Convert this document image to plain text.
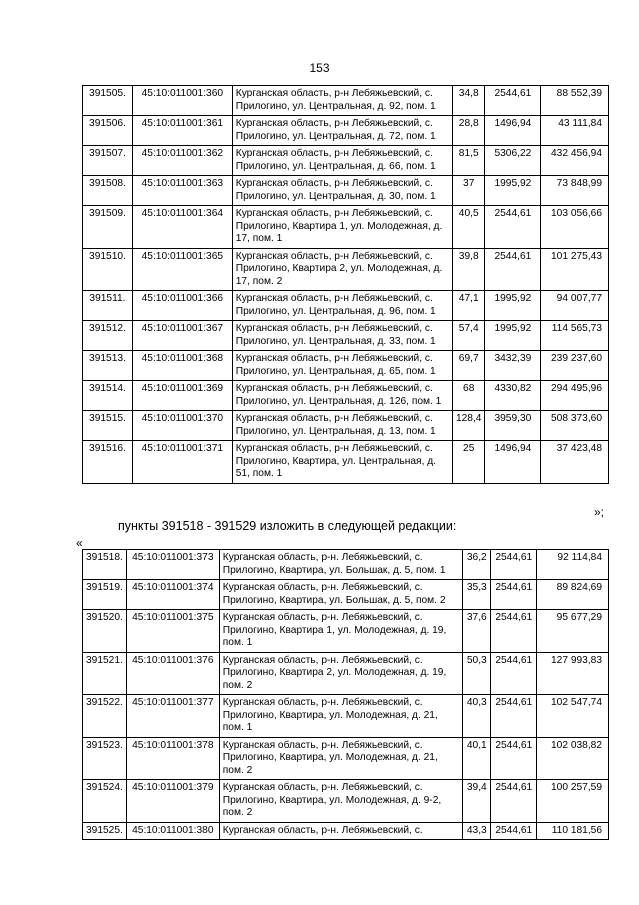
153
391505.	45:10:011001:360	Курганская область, р-н Лебяжьевский, с. Прилогино, ул. Центральная, д. 92, пом. 1	34,8	2544,61	88 552,39
391506.	45:10:011001:361	Курганская область, р-н Лебяжьевский, с. Прилогино, ул. Центральная, д. 72, пом. 1	28,8	1496,94	43 111,84
391507.	45:10:011001:362	Курганская область, р-н Лебяжьевский, с. Прилогино, ул. Центральная, д. 66, пом. 1	81,5	5306,22	432 456,94
391508.	45:10:011001:363	Курганская область, р-н Лебяжьевский, с. Прилогино, ул. Центральная, д. 30, пом. 1	37	1995,92	73 848,99
391509.	45:10:011001:364	Курганская область, р-н Лебяжьевский, с. Прилогино, Квартира 1, ул. Молодежная, д. 17, пом. 1	40,5	2544,61	103 056,66
391510.	45:10:011001:365	Курганская область, р-н Лебяжьевский, с. Прилогино, Квартира 2, ул. Молодежная, д. 17, пом. 2	39,8	2544,61	101 275,43
391511.	45:10:011001:366	Курганская область, р-н Лебяжьевский, с. Прилогино, ул. Центральная, д. 96, пом. 1	47,1	1995,92	94 007,77
391512.	45:10:011001:367	Курганская область, р-н Лебяжьевский, с. Прилогино, ул. Центральная, д. 33, пом. 1	57,4	1995,92	114 565,73
391513.	45:10:011001:368	Курганская область, р-н Лебяжьевский, с. Прилогино, ул. Центральная, д. 65, пом. 1	69,7	3432,39	239 237,60
391514.	45:10:011001:369	Курганская область, р-н Лебяжьевский, с. Прилогино, ул. Центральная, д. 126, пом. 1	68	4330,82	294 495,96
391515.	45:10:011001:370	Курганская область, р-н Лебяжьевский, с. Прилогино, ул. Центральная, д. 13, пом. 1	128,4	3959,30	508 373,60
391516.	45:10:011001:371	Курганская область, р-н Лебяжьевский, с. Прилогино, Квартира, ул. Центральная, д. 51, пом. 1	25	1496,94	37 423,48
»;
пункты 391518 - 391529 изложить в следующей редакции:
«
391518.	45:10:011001:373	Курганская область, р-н. Лебяжьевский, с. Прилогино, Квартира, ул. Большак, д. 5, пом. 1	36,2	2544,61	92 114,84
391519.	45:10:011001:374	Курганская область, р-н. Лебяжьевский, с. Прилогино, Квартира, ул. Большак, д. 5, пом. 2	35,3	2544,61	89 824,69
391520.	45:10:011001:375	Курганская область, р-н. Лебяжьевский, с. Прилогино, Квартира 1, ул. Молодежная, д. 19, пом. 1	37,6	2544,61	95 677,29
391521.	45:10:011001:376	Курганская область, р-н. Лебяжьевский, с. Прилогино, Квартира 2, ул. Молодежная, д. 19, пом. 2	50,3	2544,61	127 993,83
391522.	45:10:011001:377	Курганская область, р-н. Лебяжьевский, с. Прилогино, Квартира, ул. Молодежная, д. 21, пом. 1	40,3	2544,61	102 547,74
391523.	45:10:011001:378	Курганская область, р-н. Лебяжьевский, с. Прилогино, Квартира, ул. Молодежная, д. 21, пом. 2	40,1	2544,61	102 038,82
391524.	45:10:011001:379	Курганская область, р-н. Лебяжьевский, с. Прилогино, Квартира, ул. Молодежная, д. 9-2, пом. 2	39,4	2544,61	100 257,59
391525.	45:10:011001:380	Курганская область, р-н. Лебяжьевский, с.	43,3	2544,61	110 181,56
